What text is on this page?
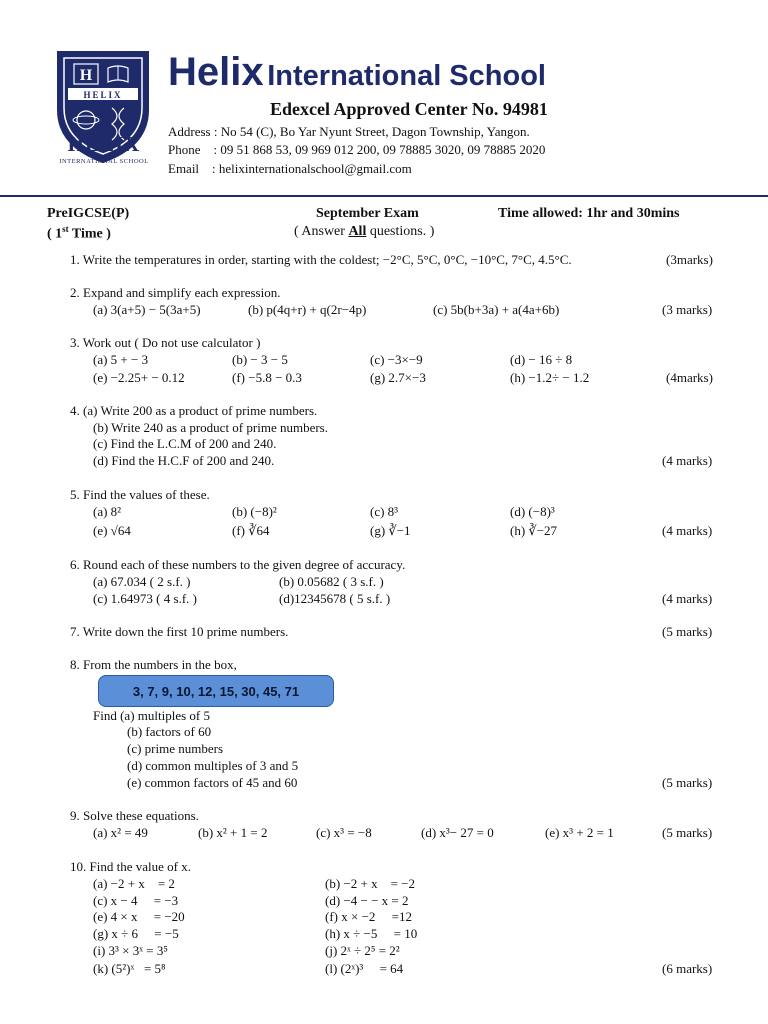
H
HELIX
HELIX
INTERNATIONAL SCHOOL
Helix International School
Edexcel Approved Center No. 94981
Address : No 54 (C), Bo Yar Nyunt Street, Dagon Township, Yangon.
Phone    : 09 51 868 53, 09 969 012 200, 09 78885 3020, 09 78885 2020
Email    : helixinternationalschool@gmail.com
PreIGCSE(P)	September Exam	Time allowed: 1hr and 30mins
( 1st Time )	( Answer All questions. )
1. Write the temperatures in order, starting with the coldest; −2°C, 5°C, 0°C, −10°C, 7°C, 4.5°C.	(3marks)
2. Expand and simplify each expression.
(a) 3(a+5) − 5(3a+5)	(b) p(4q+r) + q(2r−4p)	(c) 5b(b+3a) + a(4a+6b)	(3 marks)
3. Work out ( Do not use calculator )
(a) 5 + − 3	(b) − 3 − 5	(c) −3×−9	(d) − 16 ÷ 8
(e) −2.25+ − 0.12	(f) −5.8 − 0.3	(g) 2.7×−3	(h) −1.2÷ − 1.2	(4marks)
4. (a) Write 200 as a product of prime numbers.
(b) Write 240 as a product of prime numbers.
(c) Find the L.C.M of 200 and 240.
(d) Find the H.C.F of 200 and 240.	(4 marks)
5. Find the values of these.
(a) 8²	(b) (−8)²	(c) 8³	(d) (−8)³
(e) √64	(f) ∛64	(g) ∛−1	(h) ∛−27	(4 marks)
6. Round each of these numbers to the given degree of accuracy.
(a) 67.034 ( 2 s.f. )	(b) 0.05682 ( 3 s.f. )
(c) 1.64973 ( 4 s.f. )	(d)12345678 ( 5 s.f. )	(4 marks)
7. Write down the first 10 prime numbers.	(5 marks)
8. From the numbers in the box,
3, 7, 9, 10, 12, 15, 30, 45, 71
Find (a) multiples of 5
(b) factors of 60
(c) prime numbers
(d) common multiples of 3 and 5
(e) common factors of 45 and 60	(5 marks)
9. Solve these equations.
(a) x² = 49	(b) x² + 1 = 2	(c) x³ = −8	(d) x³− 27 = 0	(e) x³ + 2 = 1	(5 marks)
10. Find the value of x.
(a) −2 + x    = 2	(b) −2 + x    = −2
(c) x − 4     = −3	(d) −4 − − x = 2
(e) 4 × x     = −20	(f) x × −2     =12
(g) x ÷ 6     = −5	(h) x ÷ −5     = 10
(i) 3³ × 3ˣ = 3⁵	(j) 2ˣ ÷ 2⁵ = 2²
(k) (5²)ˣ   = 5⁸	(l) (2ˣ)³     = 64	(6 marks)
